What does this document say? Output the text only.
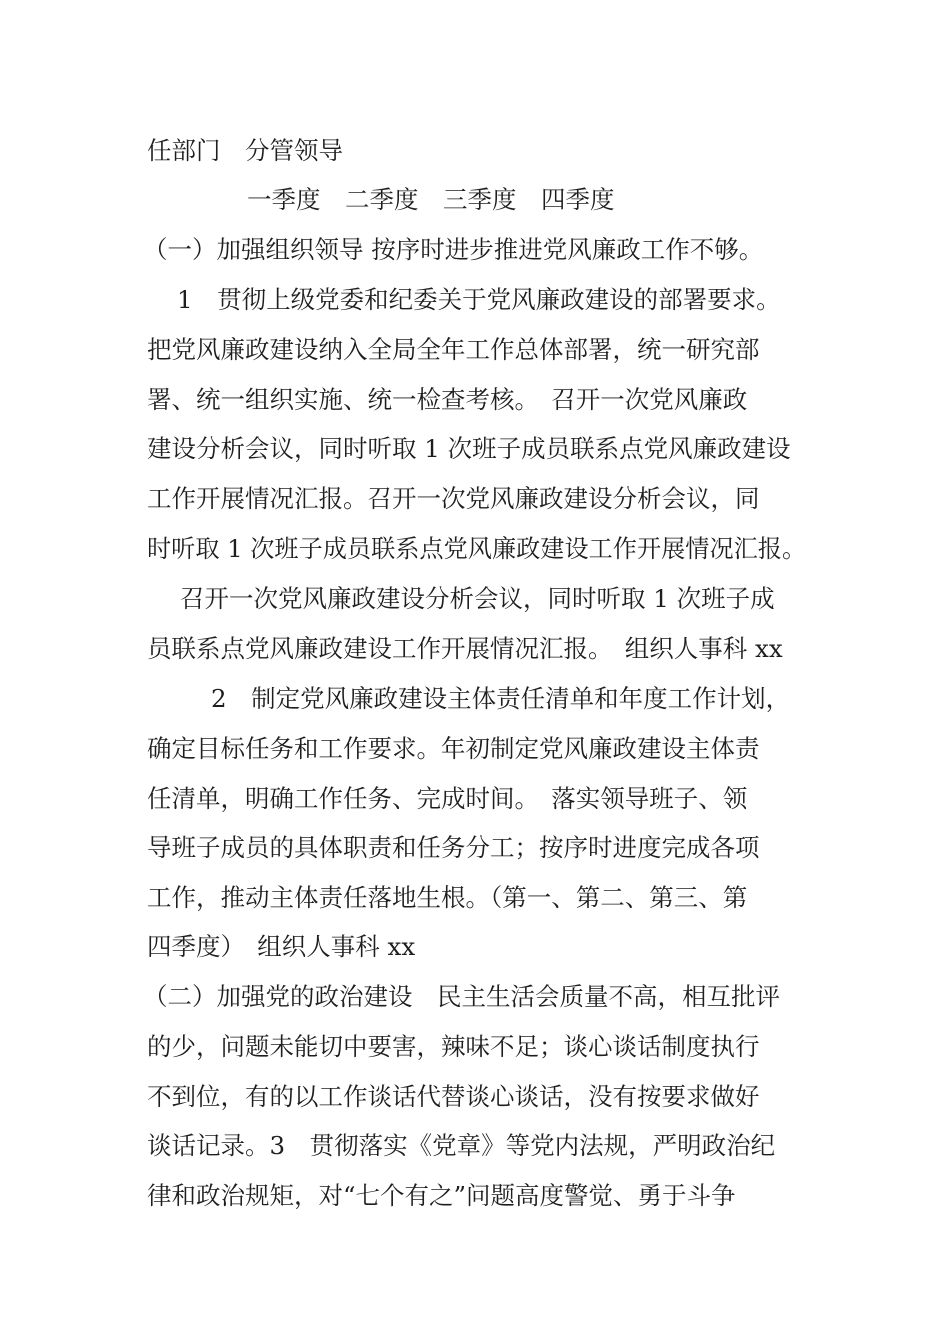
任部门　分管领导

一季度　二季度　三季度　四季度

（一）加强组织领导 按序时进步推进党风廉政工作不够。

1　贯彻上级党委和纪委关于党风廉政建设的部署要求。

把党风廉政建设纳入全局全年工作总体部署，统一研究部

署、统一组织实施、统一检查考核。　召开一次党风廉政

建设分析会议，同时听取 1 次班子成员联系点党风廉政建设

工作开展情况汇报。召开一次党风廉政建设分析会议，同

时听取 1 次班子成员联系点党风廉政建设工作开展情况汇报。

召开一次党风廉政建设分析会议，同时听取 1 次班子成

员联系点党风廉政建设工作开展情况汇报。　组织人事科 xx

2　制定党风廉政建设主体责任清单和年度工作计划，

确定目标任务和工作要求。年初制定党风廉政建设主体责

任清单，明确工作任务、完成时间。　落实领导班子、领

导班子成员的具体职责和任务分工；按序时进度完成各项

工作，推动主体责任落地生根。（第一、第二、第三、第

四季度）　组织人事科 xx

（二）加强党的政治建设　民主生活会质量不高，相互批评

的少，问题未能切中要害，辣味不足；谈心谈话制度执行

不到位，有的以工作谈话代替谈心谈话，没有按要求做好

谈话记录。3　贯彻落实《党章》等党内法规，严明政治纪

律和政治规矩，对“七个有之”问题高度警觉、勇于斗争
